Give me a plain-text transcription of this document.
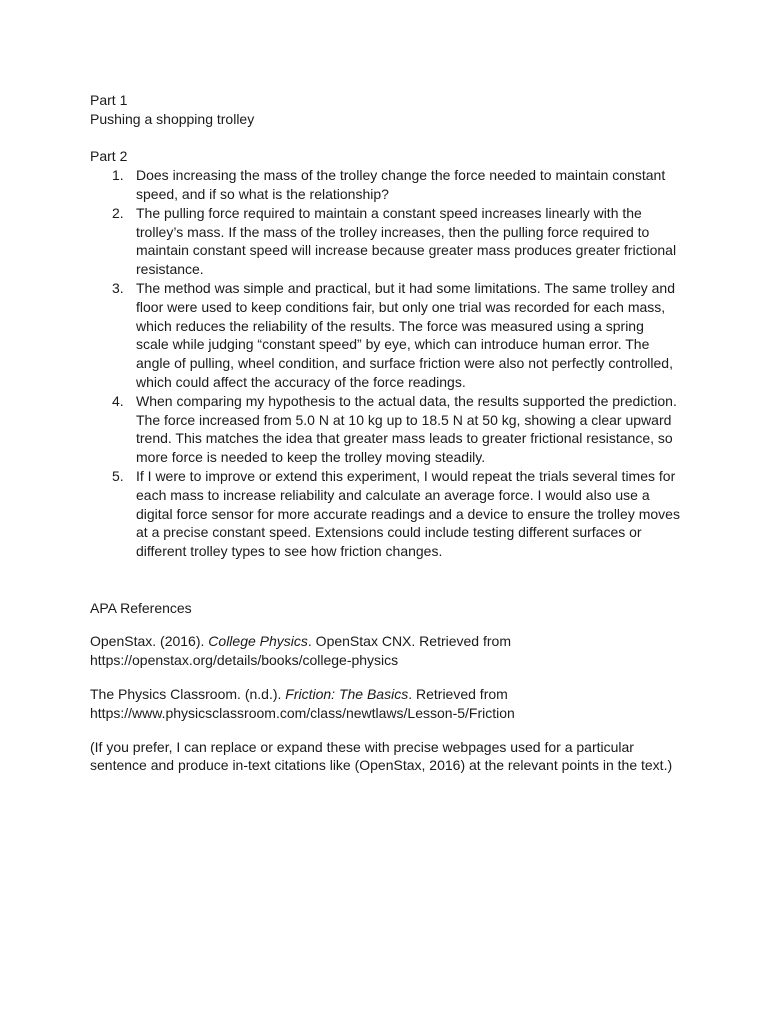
Part 1

Pushing a shopping trolley

Part 2

1. Does increasing the mass of the trolley change the force needed to maintain constant speed, and if so what is the relationship?
2. The pulling force required to maintain a constant speed increases linearly with the trolley’s mass. If the mass of the trolley increases, then the pulling force required to maintain constant speed will increase because greater mass produces greater frictional resistance.
3. The method was simple and practical, but it had some limitations. The same trolley and floor were used to keep conditions fair, but only one trial was recorded for each mass, which reduces the reliability of the results. The force was measured using a spring scale while judging “constant speed” by eye, which can introduce human error. The angle of pulling, wheel condition, and surface friction were also not perfectly controlled, which could affect the accuracy of the force readings.
4. When comparing my hypothesis to the actual data, the results supported the prediction. The force increased from 5.0 N at 10 kg up to 18.5 N at 50 kg, showing a clear upward trend. This matches the idea that greater mass leads to greater frictional resistance, so more force is needed to keep the trolley moving steadily.
5. If I were to improve or extend this experiment, I would repeat the trials several times for each mass to increase reliability and calculate an average force. I would also use a digital force sensor for more accurate readings and a device to ensure the trolley moves at a precise constant speed. Extensions could include testing different surfaces or different trolley types to see how friction changes.

APA References

OpenStax. (2016). College Physics. OpenStax CNX. Retrieved from
https://openstax.org/details/books/college-physics

The Physics Classroom. (n.d.). Friction: The Basics. Retrieved from
https://www.physicsclassroom.com/class/newtlaws/Lesson-5/Friction

(If you prefer, I can replace or expand these with precise webpages used for a particular sentence and produce in-text citations like (OpenStax, 2016) at the relevant points in the text.)
